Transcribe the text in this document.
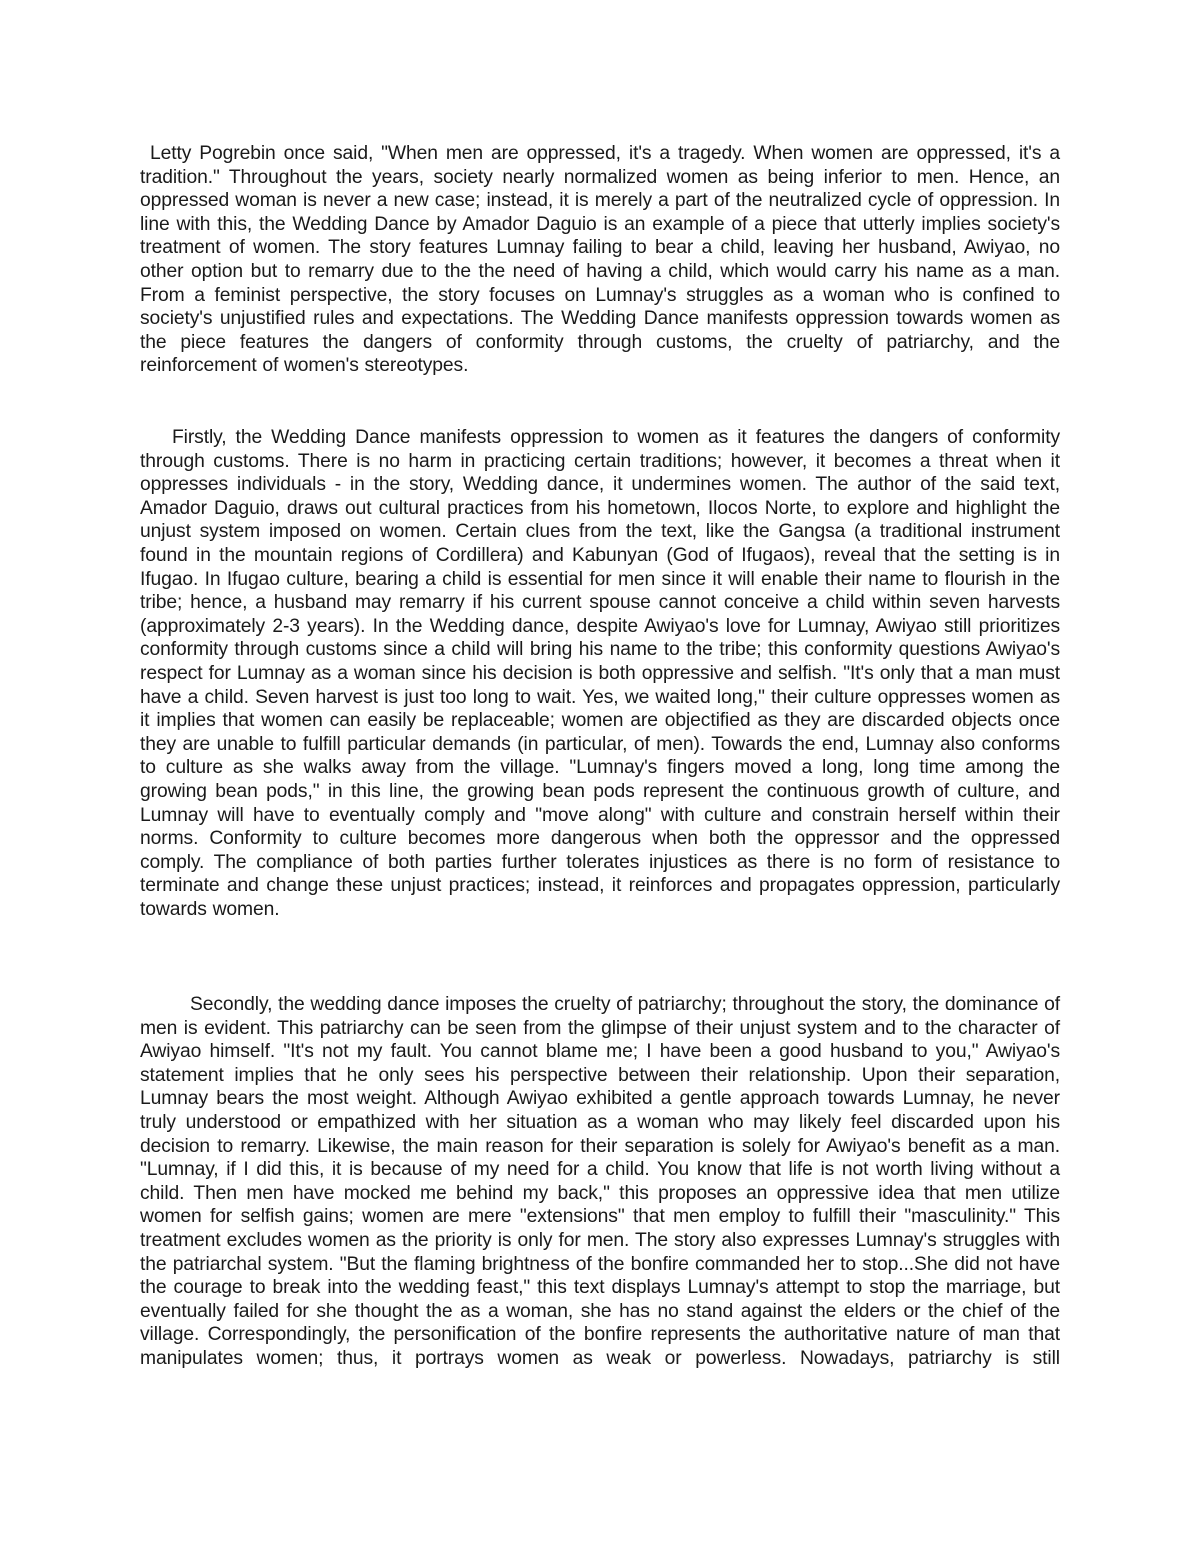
Letty Pogrebin once said, "When men are oppressed, it's a tragedy. When women are oppressed, it's a tradition." Throughout the years, society nearly normalized women as being inferior to men. Hence, an oppressed woman is never a new case; instead, it is merely a part of the neutralized cycle of oppression. In line with this, the Wedding Dance by Amador Daguio is an example of a piece that utterly implies society's treatment of women. The story features Lumnay failing to bear a child, leaving her husband, Awiyao, no other option but to remarry due to the the need of having a child, which would carry his name as a man. From a feminist perspective, the story focuses on Lumnay's struggles as a woman who is confined to society's unjustified rules and expectations. The Wedding Dance manifests oppression towards women as the piece features the dangers of conformity through customs, the cruelty of patriarchy, and the reinforcement of women's stereotypes.

Firstly, the Wedding Dance manifests oppression to women as it features the dangers of conformity through customs. There is no harm in practicing certain traditions; however, it becomes a threat when it oppresses individuals - in the story, Wedding dance, it undermines women. The author of the said text, Amador Daguio, draws out cultural practices from his hometown, Ilocos Norte, to explore and highlight the unjust system imposed on women. Certain clues from the text, like the Gangsa (a traditional instrument found in the mountain regions of Cordillera) and Kabunyan (God of Ifugaos), reveal that the setting is in Ifugao. In Ifugao culture, bearing a child is essential for men since it will enable their name to flourish in the tribe; hence, a husband may remarry if his current spouse cannot conceive a child within seven harvests (approximately 2-3 years). In the Wedding dance, despite Awiyao's love for Lumnay, Awiyao still prioritizes conformity through customs since a child will bring his name to the tribe; this conformity questions Awiyao's respect for Lumnay as a woman since his decision is both oppressive and selfish. "It's only that a man must have a child. Seven harvest is just too long to wait. Yes, we waited long," their culture oppresses women as it implies that women can easily be replaceable; women are objectified as they are discarded objects once they are unable to fulfill particular demands (in particular, of men). Towards the end, Lumnay also conforms to culture as she walks away from the village. "Lumnay's fingers moved a long, long time among the growing bean pods," in this line, the growing bean pods represent the continuous growth of culture, and Lumnay will have to eventually comply and "move along" with culture and constrain herself within their norms. Conformity to culture becomes more dangerous when both the oppressor and the oppressed comply. The compliance of both parties further tolerates injustices as there is no form of resistance to terminate and change these unjust practices; instead, it reinforces and propagates oppression, particularly towards women.

Secondly, the wedding dance imposes the cruelty of patriarchy; throughout the story, the dominance of men is evident. This patriarchy can be seen from the glimpse of their unjust system and to the character of Awiyao himself. "It's not my fault. You cannot blame me; I have been a good husband to you," Awiyao's statement implies that he only sees his perspective between their relationship. Upon their separation, Lumnay bears the most weight. Although Awiyao exhibited a gentle approach towards Lumnay, he never truly understood or empathized with her situation as a woman who may likely feel discarded upon his decision to remarry. Likewise, the main reason for their separation is solely for Awiyao's benefit as a man. "Lumnay, if I did this, it is because of my need for a child. You know that life is not worth living without a child. Then men have mocked me behind my back," this proposes an oppressive idea that men utilize women for selfish gains; women are mere "extensions" that men employ to fulfill their "masculinity." This treatment excludes women as the priority is only for men. The story also expresses Lumnay's struggles with the patriarchal system. "But the flaming brightness of the bonfire commanded her to stop...She did not have the courage to break into the wedding feast," this text displays Lumnay's attempt to stop the marriage, but eventually failed for she thought the as a woman, she has no stand against the elders or the chief of the village. Correspondingly, the personification of the bonfire represents the authoritative nature of man that manipulates women; thus, it portrays women as weak or powerless. Nowadays, patriarchy is still
